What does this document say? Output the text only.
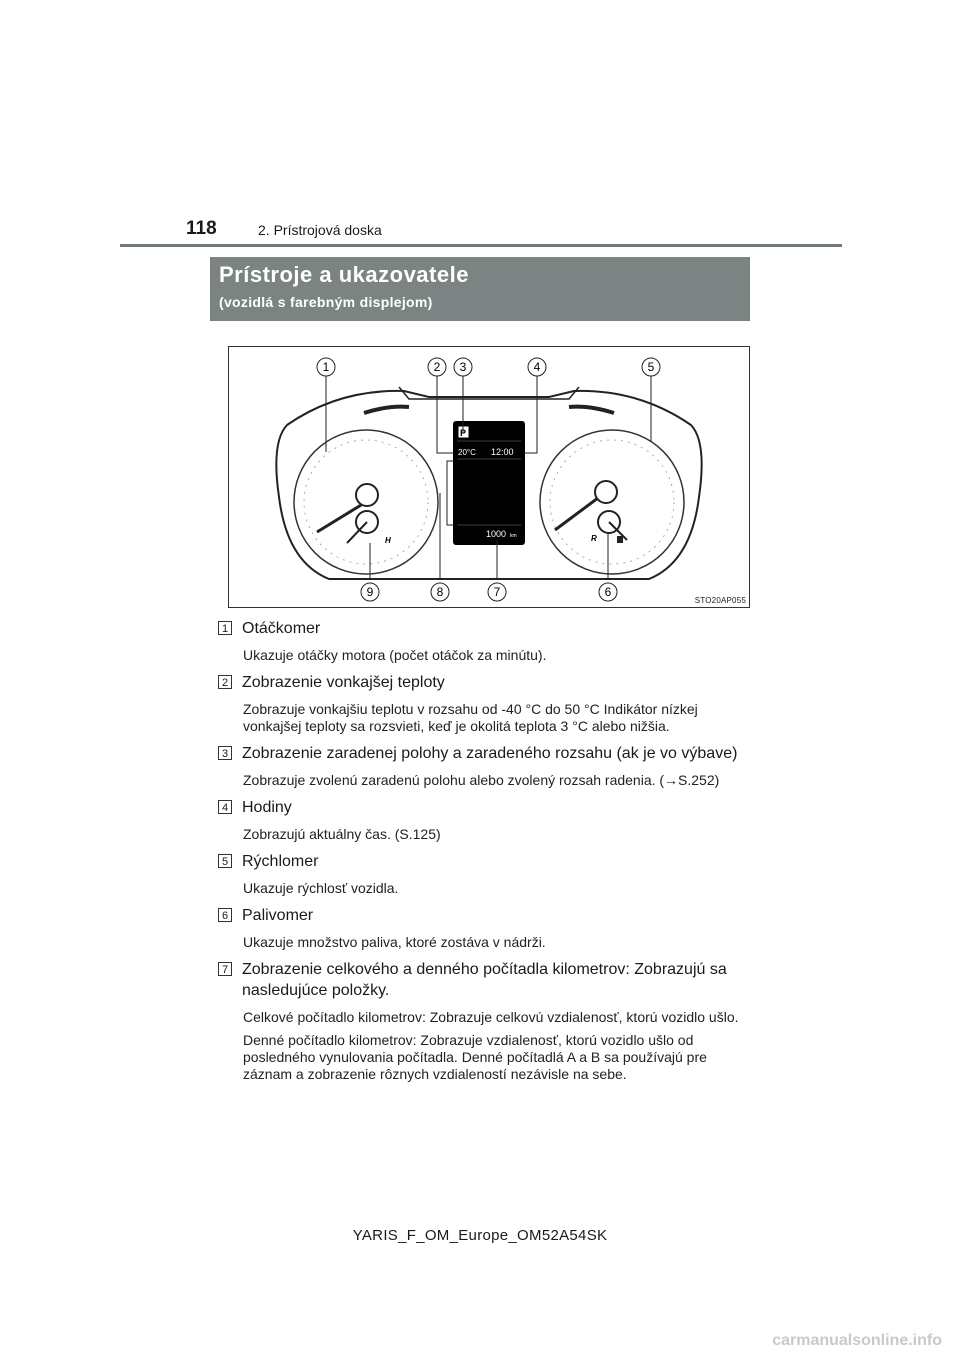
118	2. Prístrojová doska
Prístroje a ukazovatele
(vozidlá s farebným displejom)
H	R
P
20°C 12:00
1000 km
1	2 3	4	5
6
7
8
9
STO20AP055
1 Otáčkomer
Ukazuje otáčky motora (počet otáčok za minútu).
2 Zobrazenie vonkajšej teploty
Zobrazuje vonkajšiu teplotu v rozsahu od -40 °C do 50 °C Indikátor nízkej vonkajšej teploty sa rozsvieti, keď je okolitá teplota 3 °C alebo nižšia.
3 Zobrazenie zaradenej polohy a zaradeného rozsahu (ak je vo výbave)
Zobrazuje zvolenú zaradenú polohu alebo zvolený rozsah radenia. (→S.252)
4 Hodiny
Zobrazujú aktuálny čas. (S.125)
5 Rýchlomer
Ukazuje rýchlosť vozidla.
6 Palivomer
Ukazuje množstvo paliva, ktoré zostáva v nádrži.
7 Zobrazenie celkového a denného počítadla kilometrov: Zobrazujú sa nasledujúce položky.
Celkové počítadlo kilometrov: Zobrazuje celkovú vzdialenosť, ktorú vozidlo ušlo.
Denné počítadlo kilometrov: Zobrazuje vzdialenosť, ktorú vozidlo ušlo od posledného vynulovania počítadla. Denné počítadlá A a B sa používajú pre záznam a zobrazenie rôznych vzdialeností nezávisle na sebe.
YARIS_F_OM_Europe_OM52A54SK
carmanualsonline.info
